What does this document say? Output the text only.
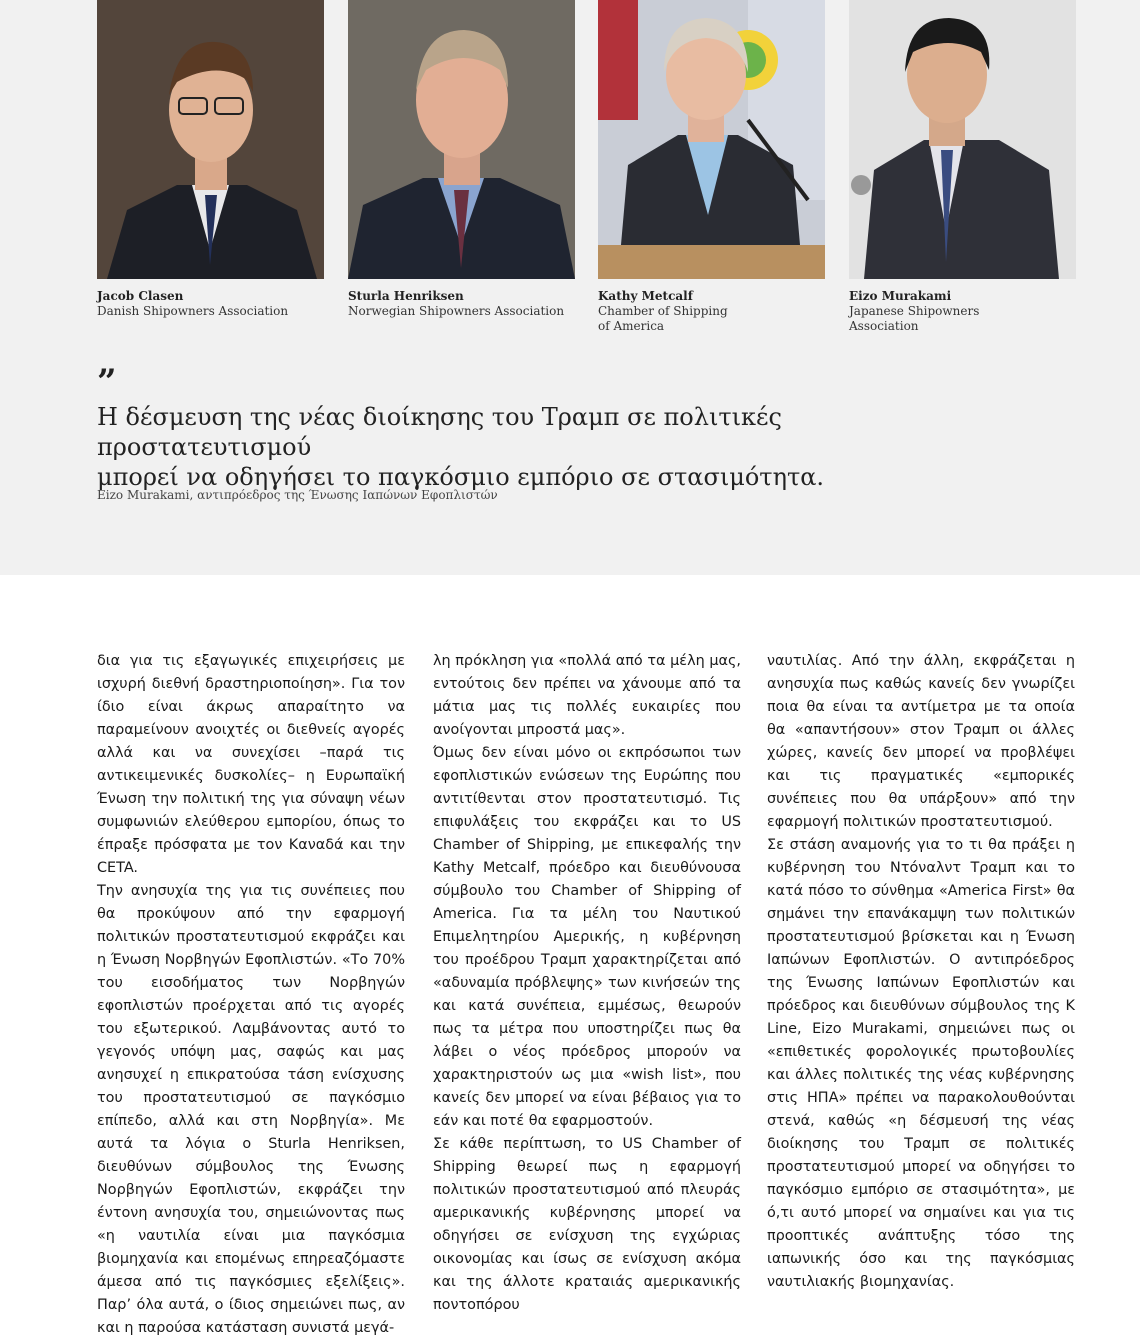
Jacob Clasen
Danish Shipowners Association
Sturla Henriksen
Norwegian Shipowners Association
Kathy Metcalf
Chamber of Shipping
of America
Eizo Murakami
Japanese Shipowners
Association
”
Η δέσμευση της νέας διοίκησης του Τραμπ σε πολιτικές προστατευτισμού
μπορεί να οδηγήσει το παγκόσμιο εμπόριο σε στασιμότητα.
Eizo Murakami, αντιπρόεδρος της Ένωσης Ιαπώνων Εφοπλιστών

δια για τις εξαγωγικές επιχειρήσεις με ισχυρή διεθνή δραστηριοποίηση». Για τον ίδιο είναι άκρως απαραίτητο να παραμείνουν ανοιχτές οι διεθνείς αγορές αλλά και να συνεχίσει –παρά τις αντικειμενικές δυσκολίες– η Ευρωπαϊκή Ένωση την πολιτική της για σύναψη νέων συμφωνιών ελεύθερου εμπορίου, όπως το έπραξε πρόσφατα με τον Καναδά και την CETA.

Την ανησυχία της για τις συνέπειες που θα προκύψουν από την εφαρμογή πολιτικών προστατευτισμού εκφράζει και η Ένωση Νορβηγών Εφοπλιστών. «Το 70% του εισοδήματος των Νορβηγών εφοπλιστών προέρχεται από τις αγορές του εξωτερικού. Λαμβάνοντας αυτό το γεγονός υπόψη μας, σαφώς και μας ανησυχεί η επικρατούσα τάση ενίσχυσης του προστατευτισμού σε παγκόσμιο επίπεδο, αλλά και στη Νορβηγία». Με αυτά τα λόγια ο Sturla Henriksen, διευθύνων σύμβουλος της Ένωσης Νορβηγών Εφοπλιστών, εκφράζει την έντονη ανησυχία του, σημειώνοντας πως «η ναυτιλία είναι μια παγκόσμια βιομηχανία και επομένως επηρεαζόμαστε άμεσα από τις παγκόσμιες εξελίξεις». Παρ’ όλα αυτά, ο ίδιος σημειώνει πως, αν και η παρούσα κατάσταση συνιστά μεγά-

λη πρόκληση για «πολλά από τα μέλη μας, εντούτοις δεν πρέπει να χάνουμε από τα μάτια μας τις πολλές ευκαιρίες που ανοίγονται μπροστά μας».

Όμως δεν είναι μόνο οι εκπρόσωποι των εφοπλιστικών ενώσεων της Ευρώπης που αντιτίθενται στον προστατευτισμό. Τις επιφυλάξεις του εκφράζει και το US Chamber of Shipping, με επικεφαλής την Kathy Metcalf, πρόεδρο και διευθύνουσα σύμβουλο του Chamber of Shipping of America. Για τα μέλη του Ναυτικού Επιμελητηρίου Αμερικής, η κυβέρνηση του προέδρου Τραμπ χαρακτηρίζεται από «αδυναμία πρόβλεψης» των κινήσεών της και κατά συνέπεια, εμμέσως, θεωρούν πως τα μέτρα που υποστηρίζει πως θα λάβει ο νέος πρόεδρος μπορούν να χαρακτηριστούν ως μια «wish list», που κανείς δεν μπορεί να είναι βέβαιος για το εάν και ποτέ θα εφαρμοστούν.

Σε κάθε περίπτωση, το US Chamber of Shipping θεωρεί πως η εφαρμογή πολιτικών προστατευτισμού από πλευράς αμερικανικής κυβέρνησης μπορεί να οδηγήσει σε ενίσχυση της εγχώριας οικονομίας και ίσως σε ενίσχυση ακόμα και της άλλοτε κραταιάς αμερικανικής ποντοπόρου

ναυτιλίας. Από την άλλη, εκφράζεται η ανησυχία πως καθώς κανείς δεν γνωρίζει ποια θα είναι τα αντίμετρα με τα οποία θα «απαντήσουν» στον Τραμπ οι άλλες χώρες, κανείς δεν μπορεί να προβλέψει και τις πραγματικές «εμπορικές συνέπειες που θα υπάρξουν» από την εφαρμογή πολιτικών προστατευτισμού.

Σε στάση αναμονής για το τι θα πράξει η κυβέρνηση του Ντόναλντ Τραμπ και το κατά πόσο το σύνθημα «America First» θα σημάνει την επανάκαμψη των πολιτικών προστατευτισμού βρίσκεται και η Ένωση Ιαπώνων Εφοπλιστών. Ο αντιπρόεδρος της Ένωσης Ιαπώνων Εφοπλιστών και πρόεδρος και διευθύνων σύμβουλος της K Line, Eizo Murakami, σημειώνει πως οι «επιθετικές φορολογικές πρωτοβουλίες και άλλες πολιτικές της νέας κυβέρνησης στις ΗΠΑ» πρέπει να παρακολουθούνται στενά, καθώς «η δέσμευσή της νέας διοίκησης του Τραμπ σε πολιτικές προστατευτισμού μπορεί να οδηγήσει το παγκόσμιο εμπόριο σε στασιμότητα», με ό,τι αυτό μπορεί να σημαίνει και για τις προοπτικές ανάπτυξης τόσο της ιαπωνικής όσο και της παγκόσμιας ναυτιλιακής βιομηχανίας.
